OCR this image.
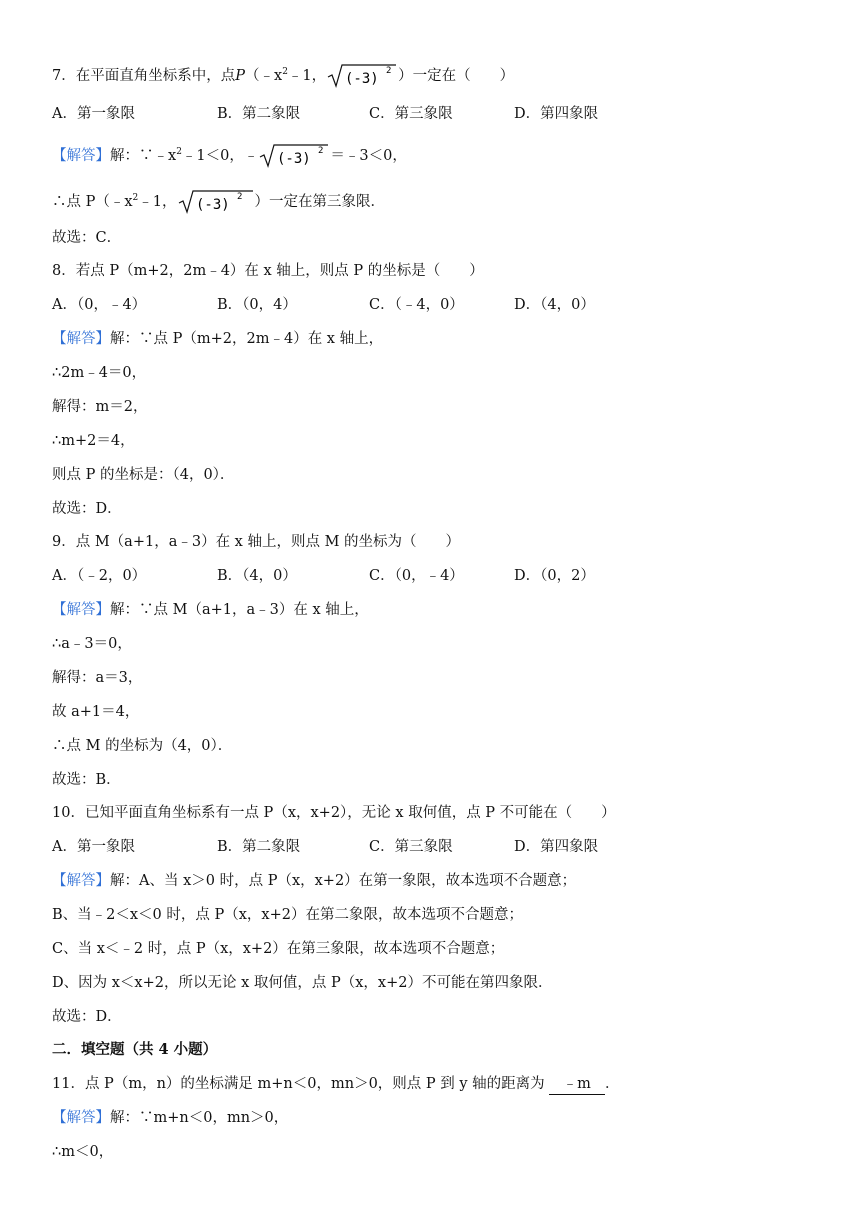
7．在平面直角坐标系中，点$P(﹣x^2﹣1$， (-3) 2 ）一定在（　　）
A．第一象限	B．第二象限	C．第三象限	D．第四象限
【解答】解：$\because﹣x^2﹣1<0$，﹣ (-3) 2 ＝﹣3＜0，
∴点 $P(﹣x^2﹣1$， (-3) 2 ）一定在第三象限．
故选：C．
8．若点 P（m+2，2m﹣4）在 x 轴上，则点 P 的坐标是（　　）
A．（0，﹣4）	B．（0，4）	C．（﹣4，0）	D．（4，0）
【解答】解：∵点 P（m+2，2m﹣4）在 x 轴上，
∴2m﹣4＝0，
解得：m＝2，
∴m+2＝4，
则点 P 的坐标是：（4，0）．
故选：D．
9．点 M（a+1，a﹣3）在 x 轴上，则点 M 的坐标为（　　）
A．（﹣2，0）	B．（4，0）	C．（0，﹣4）	D．（0，2）
【解答】解：∵点 M（a+1，a﹣3）在 x 轴上，
∴a﹣3＝0，
解得：a＝3，
故 a+1＝4，
∴点 M 的坐标为（4，0）．
故选：B．
10．已知平面直角坐标系有一点 P（x，x+2），无论 x 取何值，点 P 不可能在（　　）
A．第一象限	B．第二象限	C．第三象限	D．第四象限
【解答】解：A、当 x＞0 时，点 P（x，x+2）在第一象限，故本选项不合题意；
B、当﹣2＜x＜0 时，点 P（x，x+2）在第二象限，故本选项不合题意；
C、当 x＜﹣2 时，点 P（x，x+2）在第三象限，故本选项不合题意；
D、因为 x＜x+2，所以无论 x 取何值，点 P（x，x+2）不可能在第四象限．
故选：D．
二．填空题（共 4 小题）
11．点 P（m，n）的坐标满足 m+n＜0，mn＞0，则点 P 到 y 轴的距离为 ﹣m ．
【解答】解：∵m+n＜0，mn＞0，
∴m＜0，
